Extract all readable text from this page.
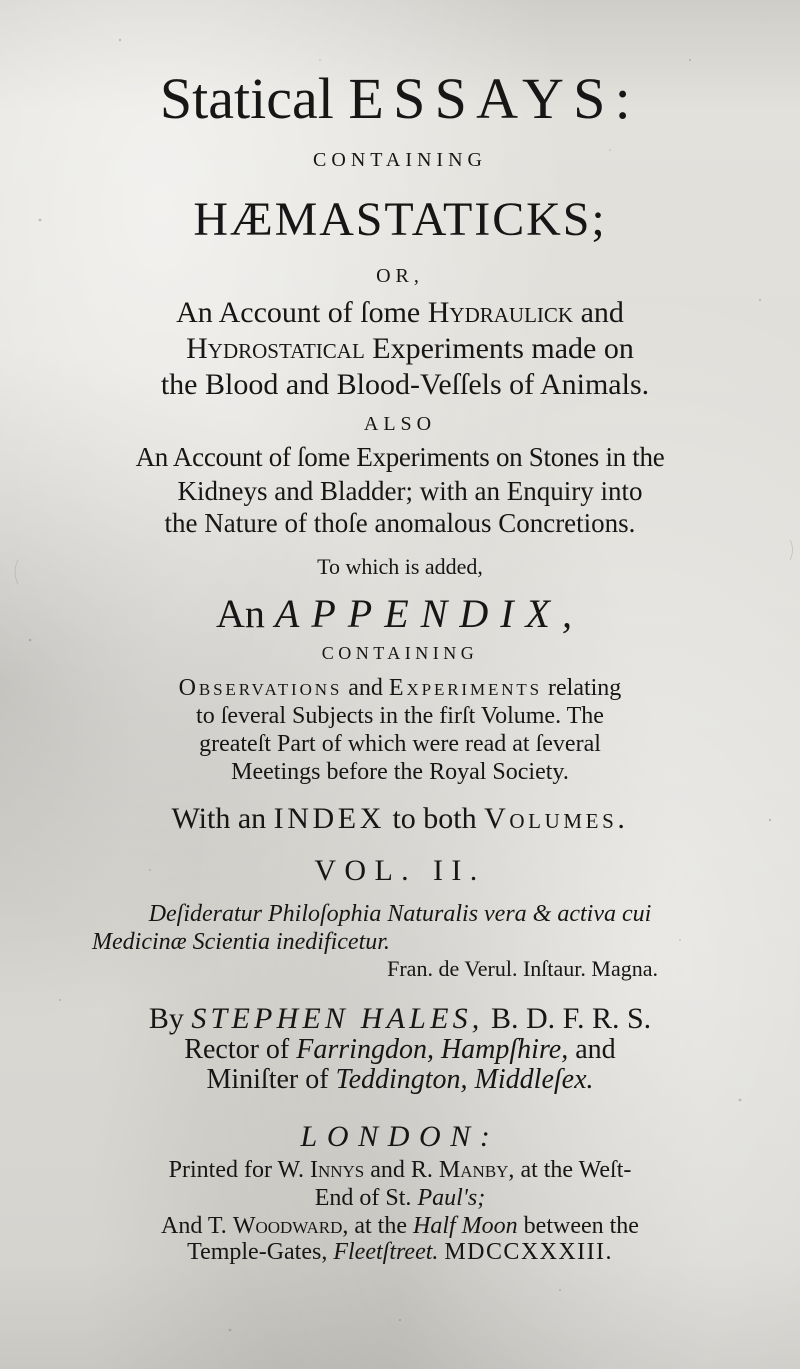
Statical ESSAYS:
CONTAINING
HÆMASTATICKS;
OR,
An Account of ſome Hydraulick and
Hydrostatical Experiments made on
the Blood and Blood-Veſſels of Animals.
ALSO
An Account of ſome Experiments on Stones in the
Kidneys and Bladder; with an Enquiry into
the Nature of thoſe anomalous Concretions.
To which is added,
An APPENDIX,
CONTAINING
Observations and Experiments relating
to ſeveral Subjects in the firſt Volume. The
greateſt Part of which were read at ſeveral
Meetings before the Royal Society.
With an INDEX to both Volumes.
VOL. II.
Deſideratur Philoſophia Naturalis vera & activa cui
Medicinæ Scientia inedificetur.
Fran. de Verul. Inſtaur. Magna.
By STEPHEN HALES, B. D. F. R. S.
Rector of Farringdon, Hampſhire, and
Miniſter of Teddington, Middleſex.
LONDON:
Printed for W. Innys and R. Manby, at the Weſt-
End of St. Paul's;
And T. Woodward, at the Half Moon between the
Temple-Gates, Fleetſtreet. MDCCXXXIII.
